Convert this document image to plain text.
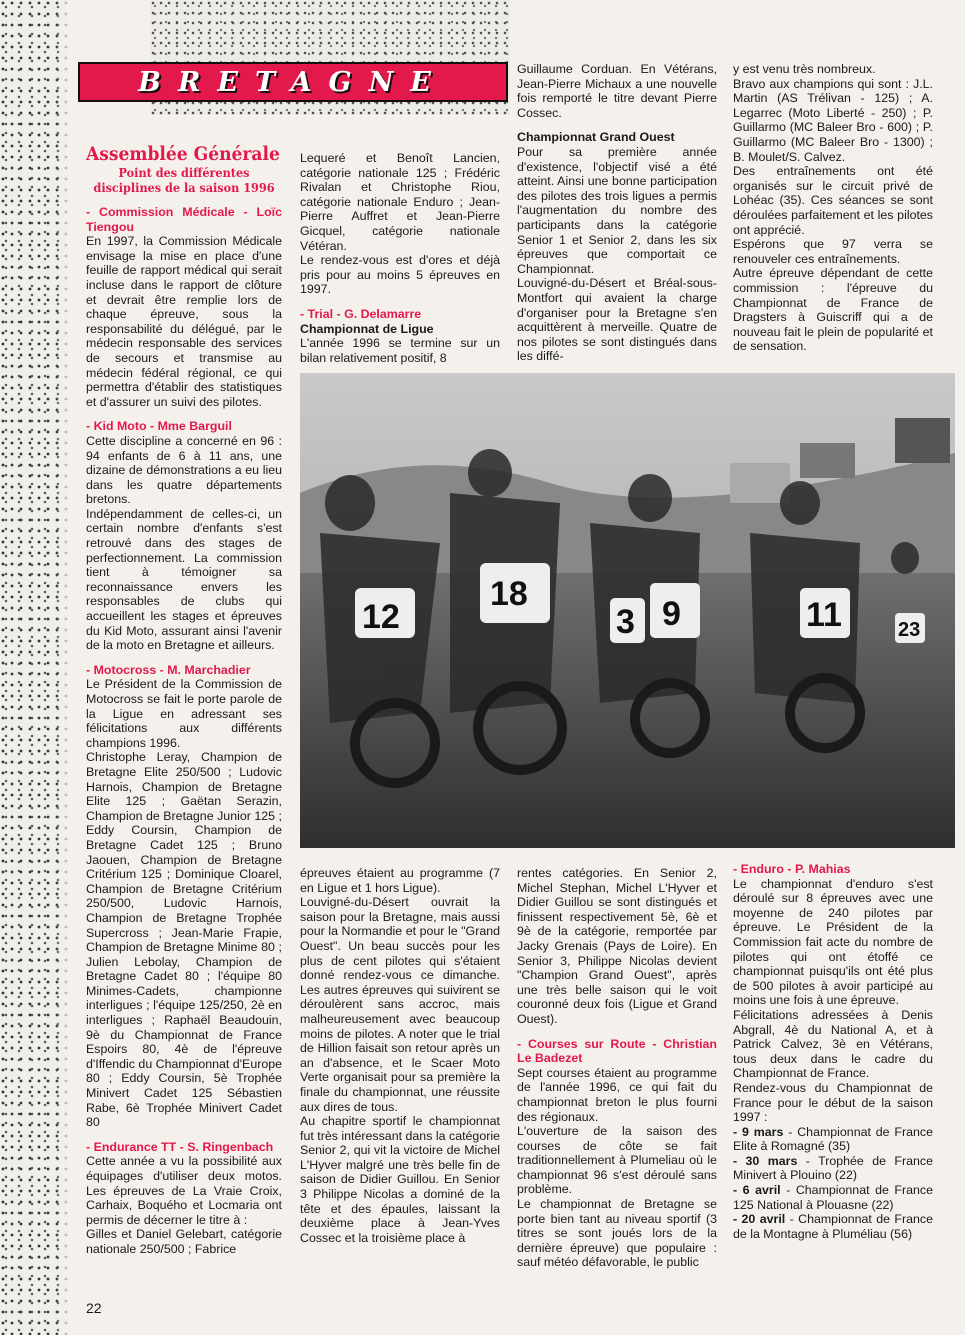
BRETAGNE

Assemblée Générale

Point des différentes disciplines de la saison 1996

- Commission Médicale - Loïc Tiengou

En 1997, la Commission Médicale envisage la mise en place d'une feuille de rapport médical qui serait incluse dans le rapport de clôture et devrait être remplie lors de chaque épreuve, sous la responsabilité du délégué, par le médecin responsable des services de secours et transmise au médecin fédéral régional, ce qui permettra d'établir des statistiques et d'assurer un suivi des pilotes.

- Kid Moto - Mme Barguil

Cette discipline a concerné en 96 : 94 enfants de 6 à 11 ans, une dizaine de démonstrations a eu lieu dans les quatre départements bretons.

Indépendamment de celles-ci, un certain nombre d'enfants s'est retrouvé dans des stages de perfectionnement. La commission tient à témoigner sa reconnaissance envers les responsables de clubs qui accueillent les stages et épreuves du Kid Moto, assurant ainsi l'avenir de la moto en Bretagne et ailleurs.

- Motocross - M. Marchadier

Le Président de la Commission de Motocross se fait le porte parole de la Ligue en adressant ses félicitations aux différents champions 1996.

Christophe Leray, Champion de Bretagne Elite 250/500 ; Ludovic Harnois, Champion de Bretagne Elite 125 ; Gaëtan Serazin, Champion de Bretagne Junior 125 ; Eddy Coursin, Champion de Bretagne Cadet 125 ; Bruno Jaouen, Champion de Bretagne Critérium 125 ; Dominique Cloarel, Champion de Bretagne Critérium 250/500, Ludovic Harnois, Champion de Bretagne Trophée Supercross ; Jean-Marie Frapie, Champion de Bretagne Minime 80 ; Julien Lebolay, Champion de Bretagne Cadet 80 ; l'équipe 80 Minimes-Cadets, championne interligues ; l'équipe 125/250, 2è en interligues ; Raphaël Beaudouin, 9è du Championnat de France Espoirs 80, 4è de l'épreuve d'Iffendic du Championnat d'Europe 80 ; Eddy Coursin, 5è Trophée Minivert Cadet 125 Sébastien Rabe, 6è Trophée Minivert Cadet 80

- Endurance TT - S. Ringenbach

Cette année a vu la possibilité aux équipages d'utiliser deux motos. Les épreuves de La Vraie Croix, Carhaix, Boquého et Locmaria ont permis de décerner le titre à :

Gilles et Daniel Gelebart, catégorie nationale 250/500 ; Fabrice

Lequeré et Benoît Lancien, catégorie nationale 125 ; Frédéric Rivalan et Christophe Riou, catégorie nationale Enduro ; Jean-Pierre Auffret et Jean-Pierre Gicquel, catégorie nationale Vétéran.

Le rendez-vous est d'ores et déjà pris pour au moins 5 épreuves en 1997.

- Trial - G. Delamarre

Championnat de Ligue

L'année 1996 se termine sur un bilan relativement positif, 8

Guillaume Corduan. En Vétérans, Jean-Pierre Michaux a une nouvelle fois remporté le titre devant Pierre Cossec.

Championnat Grand Ouest

Pour sa première année d'existence, l'objectif visé a été atteint. Ainsi une bonne participation des pilotes des trois ligues a permis l'augmentation du nombre des participants dans la catégorie Senior 1 et Senior 2, dans les six épreuves que comportait ce Championnat.

Louvigné-du-Désert et Bréal-sous-Montfort qui avaient la charge d'organiser pour la Bretagne s'en acquittèrent à merveille. Quatre de nos pilotes se sont distingués dans les diffé-

y est venu très nombreux.

Bravo aux champions qui sont : J.L. Martin (AS Trélivan - 125) ; A. Legarrec (Moto Liberté - 250) ; P. Guillarmo (MC Baleer Bro - 600) ; P. Guillarmo (MC Baleer Bro - 1300) ; B. Moulet/S. Calvez.

Des entraînements ont été organisés sur le circuit privé de Lohéac (35). Ces séances se sont déroulées parfaitement et les pilotes ont apprécié.

Espérons que 97 verra se renouveler ces entraînements.

Autre épreuve dépendant de cette commission : l'épreuve du Championnat de France de Dragsters à Guiscriff qui a de nouveau fait le plein de popularité et de sensation.

12
18
3 9	11	23

épreuves étaient au programme (7 en Ligue et 1 hors Ligue).

Louvigné-du-Désert ouvrait la saison pour la Bretagne, mais aussi pour la Normandie et pour le "Grand Ouest". Un beau succès pour les plus de cent pilotes qui s'étaient donné rendez-vous ce dimanche. Les autres épreuves qui suivirent se déroulèrent sans accroc, mais malheureusement avec beaucoup moins de pilotes. A noter que le trial de Hillion faisait son retour après un an d'absence, et le Scaer Moto Verte organisait pour sa première la finale du championnat, une réussite aux dires de tous.

Au chapitre sportif le championnat fut très intéressant dans la catégorie Senior 2, qui vit la victoire de Michel L'Hyver malgré une très belle fin de saison de Didier Guillou. En Senior 3 Philippe Nicolas a dominé de la tête et des épaules, laissant la deuxième place à Jean-Yves Cossec et la troisième place à

rentes catégories. En Senior 2, Michel Stephan, Michel L'Hyver et Didier Guillou se sont distingués et finissent respectivement 5è, 6è et 9è de la catégorie, remportée par Jacky Grenais (Pays de Loire). En Senior 3, Philippe Nicolas devient "Champion Grand Ouest", après une très belle saison qui le voit couronné deux fois (Ligue et Grand Ouest).

- Courses sur Route - Christian Le Badezet

Sept courses étaient au programme de l'année 1996, ce qui fait du championnat breton le plus fourni des régionaux.

L'ouverture de la saison des courses de côte se fait traditionnellement à Plumeliau où le championnat 96 s'est déroulé sans problème.

Le championnat de Bretagne se porte bien tant au niveau sportif (3 titres se sont joués lors de la dernière épreuve) que populaire : sauf météo défavorable, le public

- Enduro - P. Mahias

Le championnat d'enduro s'est déroulé sur 8 épreuves avec une moyenne de 240 pilotes par épreuve. Le Président de la Commission fait acte du nombre de pilotes qui ont étoffé ce championnat puisqu'ils ont été plus de 500 pilotes à avoir participé au moins une fois à une épreuve.

Félicitations adressées à Denis Abgrall, 4è du National A, et à Patrick Calvez, 3è en Vétérans, tous deux dans le cadre du Championnat de France.

Rendez-vous du Championnat de France pour le début de la saison 1997 :

- 9 mars - Championnat de France Elite à Romagné (35)

- 30 mars - Trophée de France Minivert à Plouino (22)

- 6 avril - Championnat de France 125 National à Plouasne (22)

- 20 avril - Championnat de France de la Montagne à Pluméliau (56)

22
